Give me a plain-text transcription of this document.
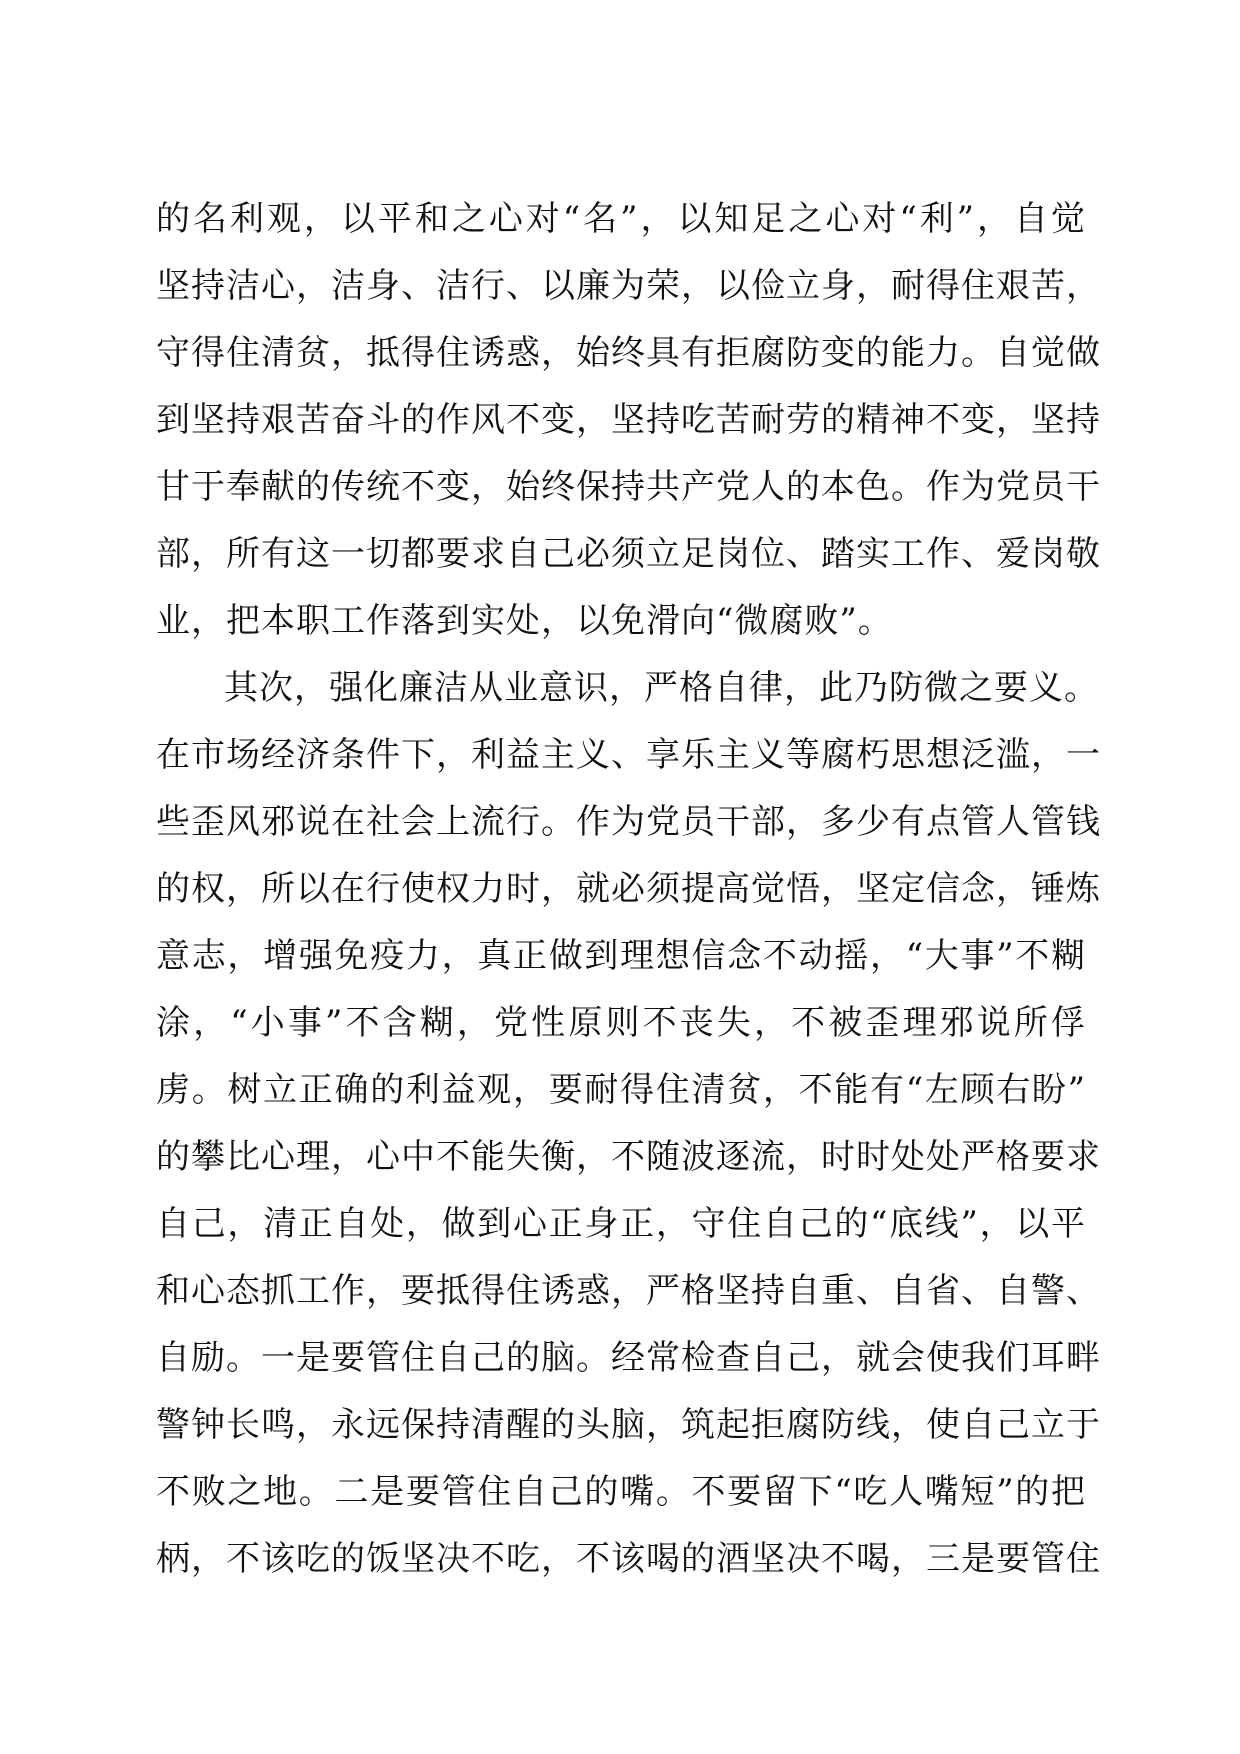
的名利观，以平和之心对“名”，以知足之心对“利”，自觉
坚持洁心，洁身、洁行、以廉为荣，以俭立身，耐得住艰苦，
守得住清贫，抵得住诱惑，始终具有拒腐防变的能力。自觉做
到坚持艰苦奋斗的作风不变，坚持吃苦耐劳的精神不变，坚持
甘于奉献的传统不变，始终保持共产党人的本色。作为党员干
部，所有这一切都要求自己必须立足岗位、踏实工作、爱岗敬
业，把本职工作落到实处，以免滑向“微腐败”。
其次，强化廉洁从业意识，严格自律，此乃防微之要义。
在市场经济条件下，利益主义、享乐主义等腐朽思想泛滥，一
些歪风邪说在社会上流行。作为党员干部，多少有点管人管钱
的权，所以在行使权力时，就必须提高觉悟，坚定信念，锤炼
意志，增强免疫力，真正做到理想信念不动摇，“大事”不糊
涂，“小事”不含糊，党性原则不丧失，不被歪理邪说所俘
虏。树立正确的利益观，要耐得住清贫，不能有“左顾右盼”
的攀比心理，心中不能失衡，不随波逐流，时时处处严格要求
自己，清正自处，做到心正身正，守住自己的“底线”，以平
和心态抓工作，要抵得住诱惑，严格坚持自重、自省、自警、
自励。一是要管住自己的脑。经常检查自己，就会使我们耳畔
警钟长鸣，永远保持清醒的头脑，筑起拒腐防线，使自己立于
不败之地。二是要管住自己的嘴。不要留下“吃人嘴短”的把
柄，不该吃的饭坚决不吃，不该喝的酒坚决不喝，三是要管住
